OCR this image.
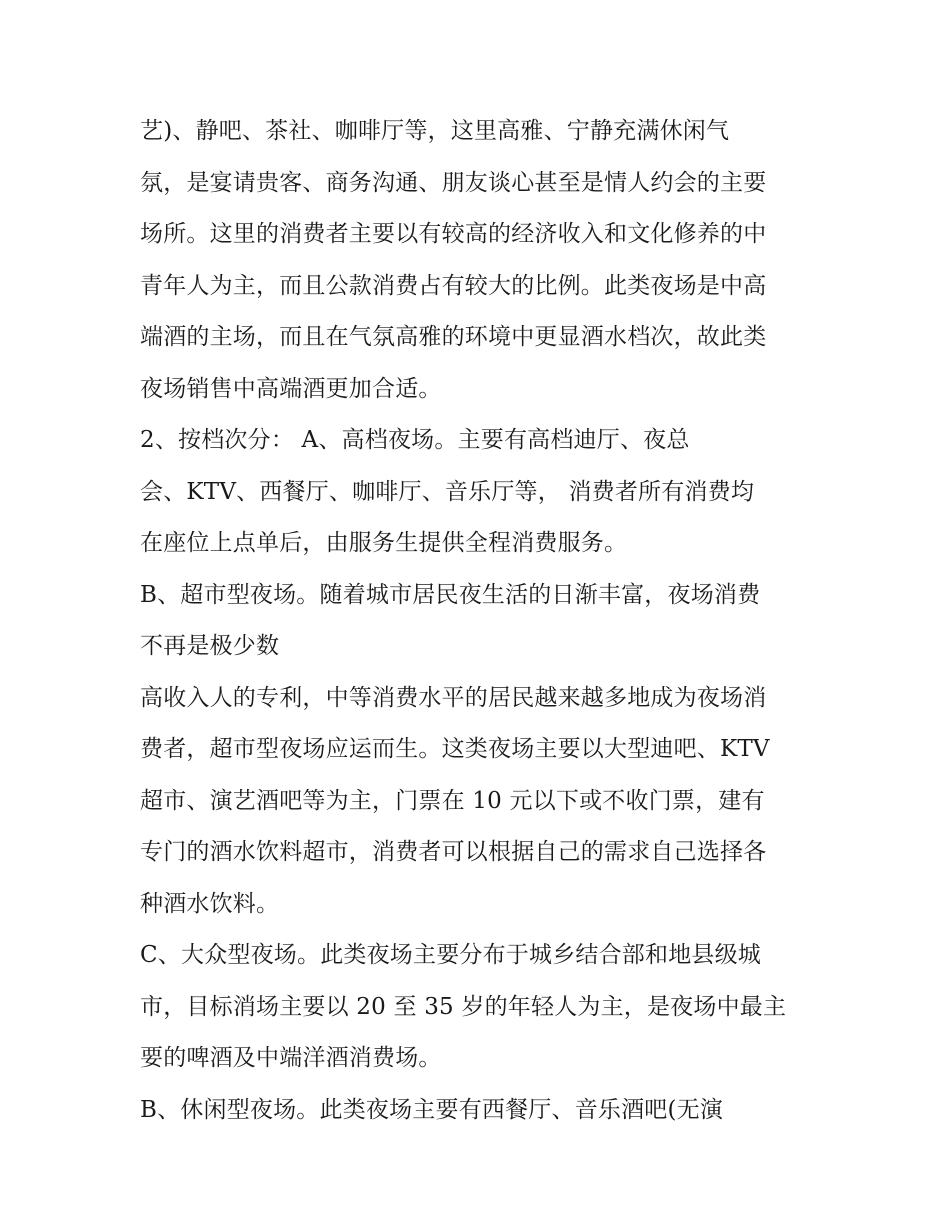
艺)、静吧、茶社、咖啡厅等，这里高雅、宁静充满休闲气
氛，是宴请贵客、商务沟通、朋友谈心甚至是情人约会的主要
场所。这里的消费者主要以有较高的经济收入和文化修养的中
青年人为主，而且公款消费占有较大的比例。此类夜场是中高
端酒的主场，而且在气氛高雅的环境中更显酒水档次，故此类
夜场销售中高端酒更加合适。
2、按档次分： A、高档夜场。主要有高档迪厅、夜总
会、KTV、西餐厅、咖啡厅、音乐厅等， 消费者所有消费均
在座位上点单后，由服务生提供全程消费服务。
B、超市型夜场。随着城市居民夜生活的日渐丰富，夜场消费
不再是极少数
高收入人的专利，中等消费水平的居民越来越多地成为夜场消
费者，超市型夜场应运而生。这类夜场主要以大型迪吧、KTV
超市、演艺酒吧等为主，门票在 10 元以下或不收门票，建有
专门的酒水饮料超市，消费者可以根据自己的需求自己选择各
种酒水饮料。
C、大众型夜场。此类夜场主要分布于城乡结合部和地县级城
市，目标消场主要以 20 至 35 岁的年轻人为主，是夜场中最主
要的啤酒及中端洋酒消费场。
B、休闲型夜场。此类夜场主要有西餐厅、音乐酒吧(无演
